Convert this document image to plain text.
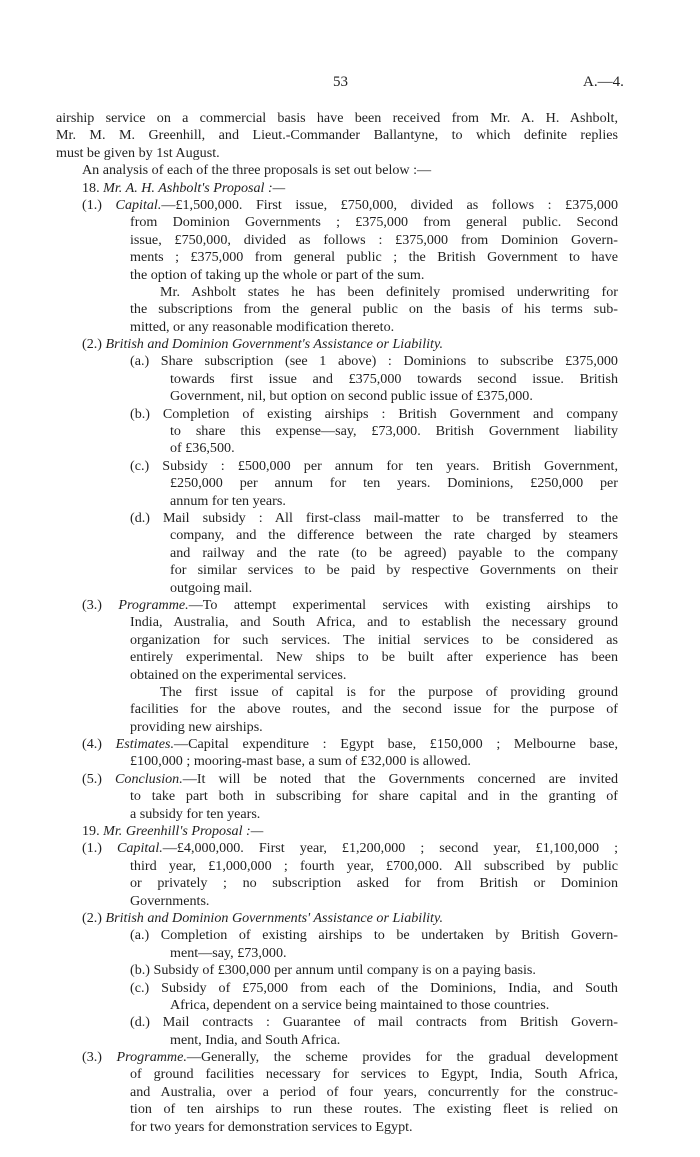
53	A.—4.
airship service on a commercial basis have been received from Mr. A. H. Ashbolt,
Mr. M. M. Greenhill, and Lieut.-Commander Ballantyne, to which definite replies
must be given by 1st August.
An analysis of each of the three proposals is set out below :—
18. Mr. A. H. Ashbolt's Proposal :—
(1.) Capital.—£1,500,000. First issue, £750,000, divided as follows : £375,000
from Dominion Governments ; £375,000 from general public. Second
issue, £750,000, divided as follows : £375,000 from Dominion Govern-
ments ; £375,000 from general public ; the British Government to have
the option of taking up the whole or part of the sum.
Mr. Ashbolt states he has been definitely promised underwriting for
the subscriptions from the general public on the basis of his terms sub-
mitted, or any reasonable modification thereto.
(2.) British and Dominion Government's Assistance or Liability.
(a.) Share subscription (see 1 above) : Dominions to subscribe £375,000
towards first issue and £375,000 towards second issue. British
Government, nil, but option on second public issue of £375,000.
(b.) Completion of existing airships : British Government and company
to share this expense—say, £73,000. British Government liability
of £36,500.
(c.) Subsidy : £500,000 per annum for ten years. British Government,
£250,000 per annum for ten years. Dominions, £250,000 per
annum for ten years.
(d.) Mail subsidy : All first-class mail-matter to be transferred to the
company, and the difference between the rate charged by steamers
and railway and the rate (to be agreed) payable to the company
for similar services to be paid by respective Governments on their
outgoing mail.
(3.) Programme.—To attempt experimental services with existing airships to
India, Australia, and South Africa, and to establish the necessary ground
organization for such services. The initial services to be considered as
entirely experimental. New ships to be built after experience has been
obtained on the experimental services.
The first issue of capital is for the purpose of providing ground
facilities for the above routes, and the second issue for the purpose of
providing new airships.
(4.) Estimates.—Capital expenditure : Egypt base, £150,000 ; Melbourne base,
£100,000 ; mooring-mast base, a sum of £32,000 is allowed.
(5.) Conclusion.—It will be noted that the Governments concerned are invited
to take part both in subscribing for share capital and in the granting of
a subsidy for ten years.
19. Mr. Greenhill's Proposal :—
(1.) Capital.—£4,000,000. First year, £1,200,000 ; second year, £1,100,000 ;
third year, £1,000,000 ; fourth year, £700,000. All subscribed by public
or privately ; no subscription asked for from British or Dominion
Governments.
(2.) British and Dominion Governments' Assistance or Liability.
(a.) Completion of existing airships to be undertaken by British Govern-
ment—say, £73,000.
(b.) Subsidy of £300,000 per annum until company is on a paying basis.
(c.) Subsidy of £75,000 from each of the Dominions, India, and South
Africa, dependent on a service being maintained to those countries.
(d.) Mail contracts : Guarantee of mail contracts from British Govern-
ment, India, and South Africa.
(3.) Programme.—Generally, the scheme provides for the gradual development
of ground facilities necessary for services to Egypt, India, South Africa,
and Australia, over a period of four years, concurrently for the construc-
tion of ten airships to run these routes. The existing fleet is relied on
for two years for demonstration services to Egypt.
